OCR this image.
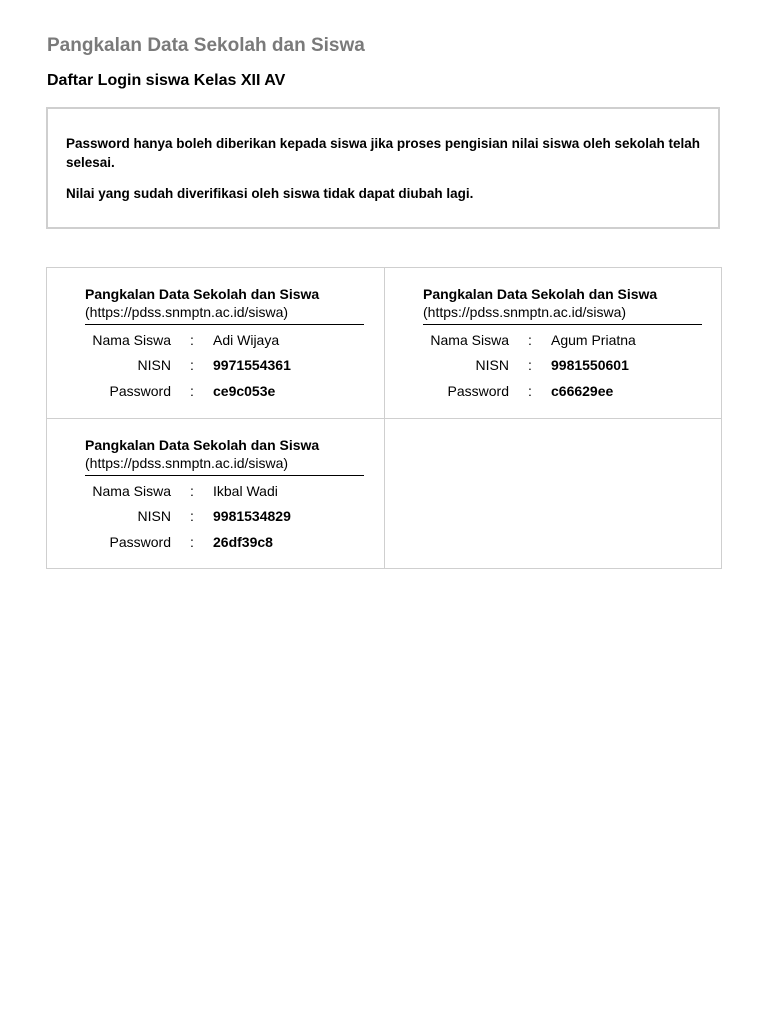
Pangkalan Data Sekolah dan Siswa
Daftar Login siswa Kelas XII AV

Password hanya boleh diberikan kepada siswa jika proses pengisian nilai siswa oleh sekolah telah selesai.

Nilai yang sudah diverifikasi oleh siswa tidak dapat diubah lagi.

Pangkalan Data Sekolah dan Siswa
(https://pdss.snmptn.ac.id/siswa)
Nama Siswa	:	Adi Wijaya
NISN	:	9971554361
Password	:	ce9c053e
Pangkalan Data Sekolah dan Siswa
(https://pdss.snmptn.ac.id/siswa)
Nama Siswa	:	Agum Priatna
NISN	:	9981550601
Password	:	c66629ee
Pangkalan Data Sekolah dan Siswa
(https://pdss.snmptn.ac.id/siswa)
Nama Siswa	:	Ikbal Wadi
NISN	:	9981534829
Password	:	26df39c8
